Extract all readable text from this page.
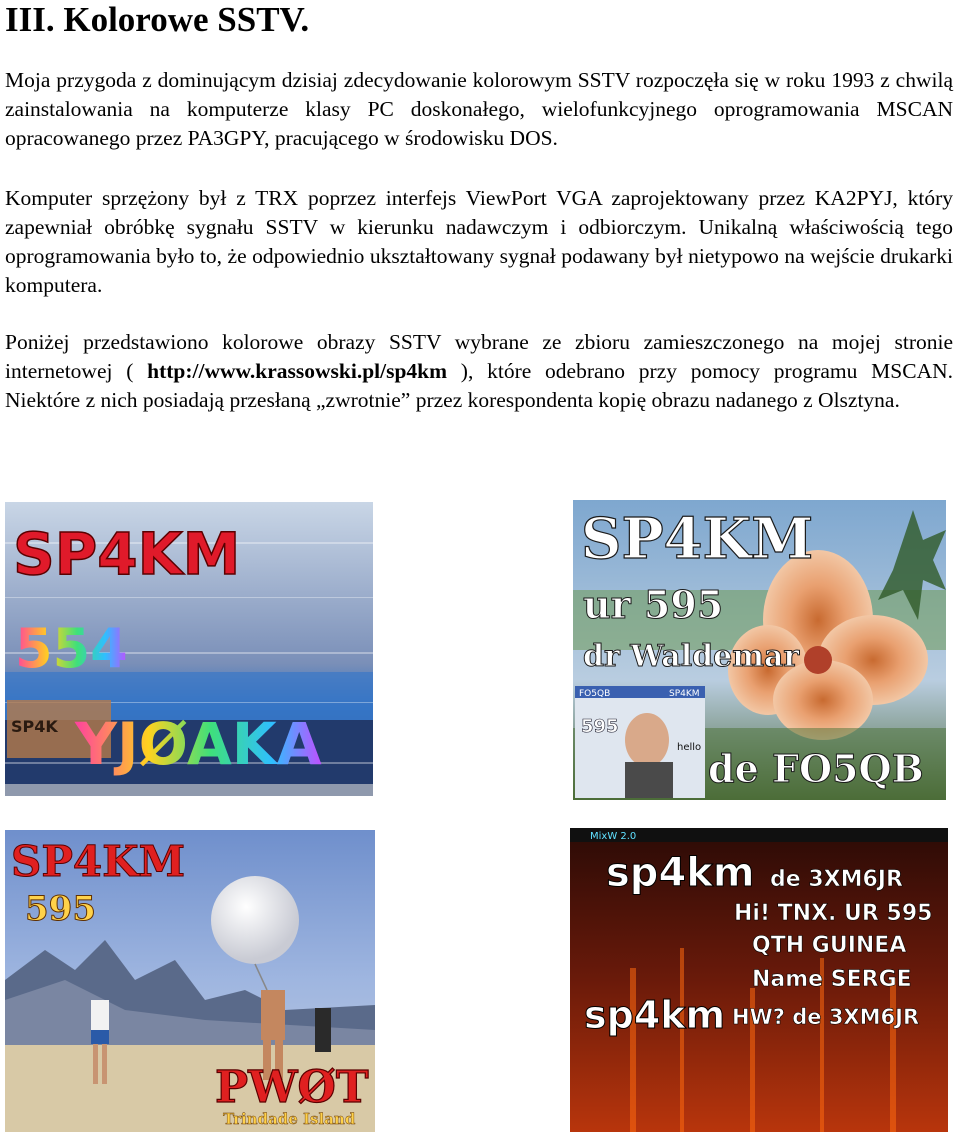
III. Kolorowe SSTV.

Moja przygoda z dominującym dzisiaj zdecydowanie kolorowym SSTV rozpoczęła się w roku 1993 z chwilą zainstalowania na komputerze klasy PC doskonałego, wielofunkcyjnego oprogramowania MSCAN opracowanego przez PA3GPY, pracującego w środowisku DOS.

Komputer sprzężony był z TRX poprzez interfejs ViewPort VGA zaprojektowany przez KA2PYJ, który zapewniał obróbkę sygnału SSTV w kierunku nadawczym i odbiorczym. Unikalną właściwością tego oprogramowania było to, że odpowiednio ukształtowany sygnał podawany był nietypowo na wejście drukarki komputera.

Poniżej przedstawiono kolorowe obrazy SSTV wybrane ze zbioru zamieszczonego na mojej stronie internetowej ( http://www.krassowski.pl/sp4km ), które odebrano przy pomocy programu MSCAN. Niektóre z nich posiadają przesłaną „zwrotnie” przez korespondenta kopię obrazu nadanego z Olsztyna.

SP4KM
554
SP4K YJØAKA
SP4KM
ur 595
dr Waldemar
FO5QB	SP4KM
595
hello de FO5QB
SP4KM
595
PWØT
Trindade Island
MixW 2.0
sp4km de 3XM6JR
Hi! TNX. UR 595
QTH GUINEA
Name SERGE
sp4km HW? de 3XM6JR
